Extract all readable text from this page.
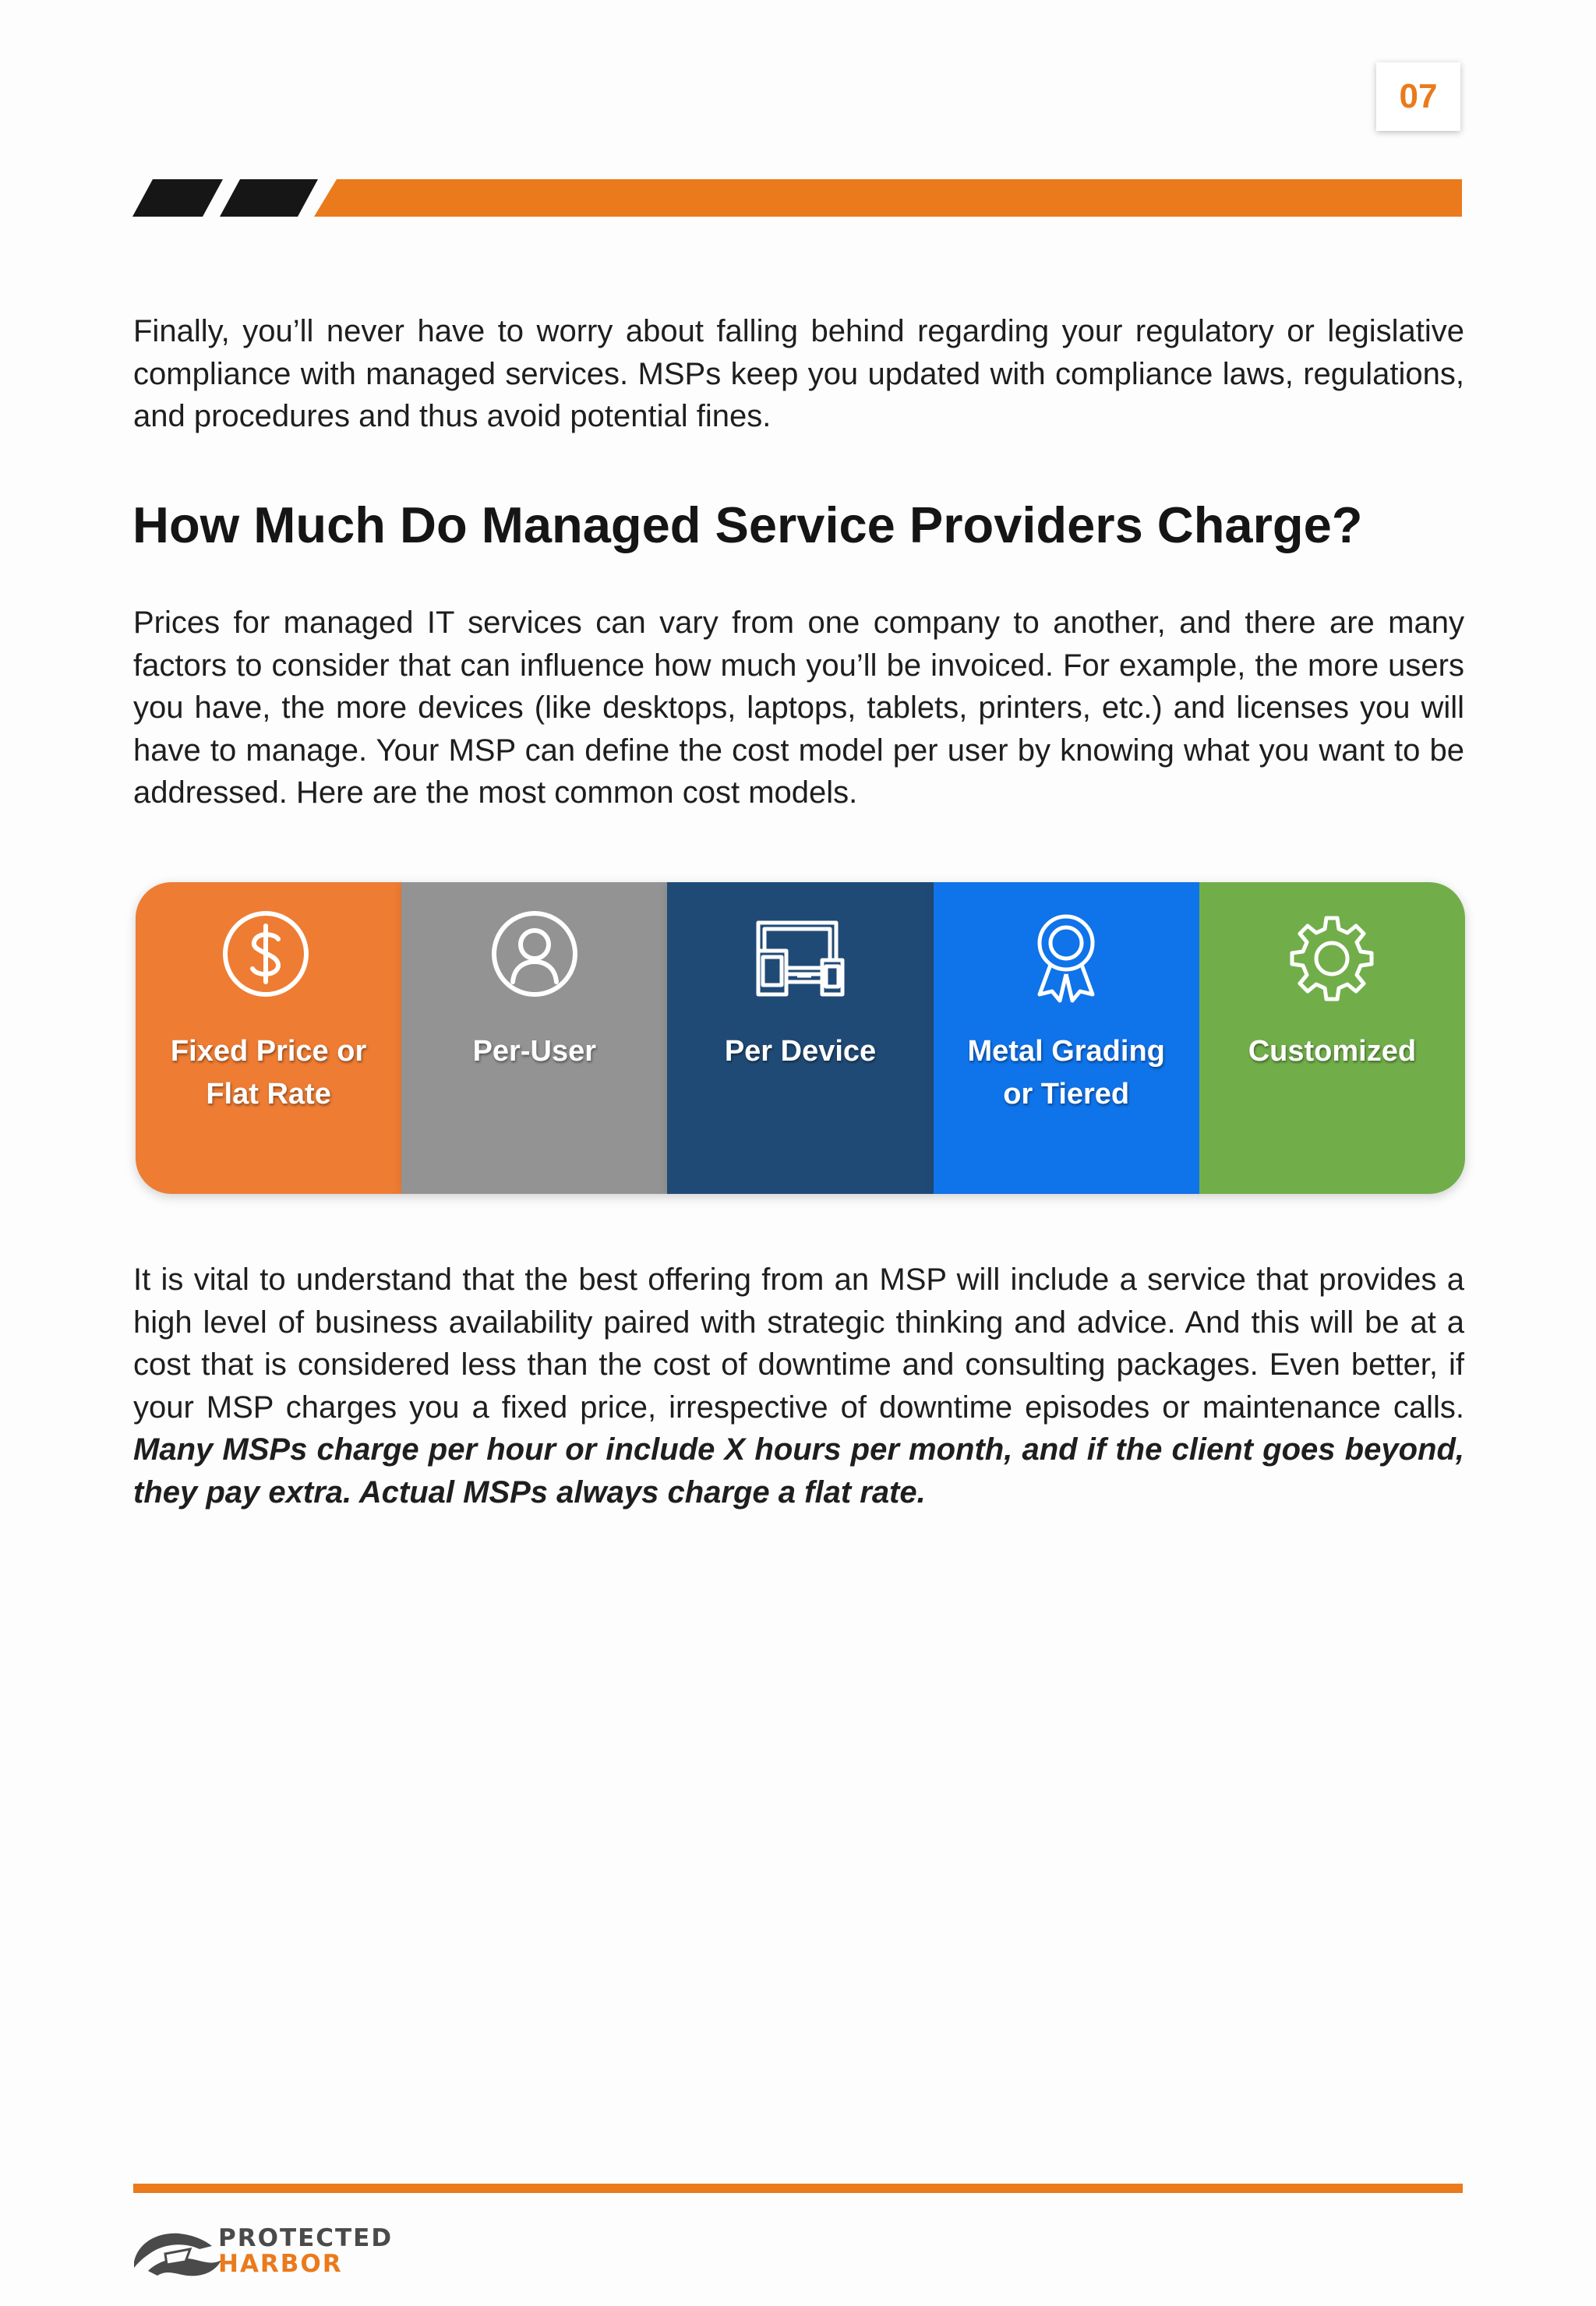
07

Finally, you’ll never have to worry about falling behind regarding your regulatory or legislative compliance with managed services. MSPs keep you updated with compliance laws, regulations, and procedures and thus avoid potential fines.

How Much Do Managed Service Providers Charge?

Prices for managed IT services can vary from one company to another, and there are many factors to consider that can influence how much you’ll be invoiced. For example, the more users you have, the more devices (like desktops, laptops, tablets, printers, etc.) and licenses you will have to manage. Your MSP can define the cost model per user by knowing what you want to be addressed. Here are the most common cost models.

Fixed Price or Flat Rate
Per-User	Per Device	Metal Grading or Tiered
Customized

It is vital to understand that the best offering from an MSP will include a service that provides a high level of business availability paired with strategic thinking and advice. And this will be at a cost that is considered less than the cost of downtime and consulting packages. Even better, if your MSP charges you a fixed price, irrespective of downtime episodes or maintenance calls. Many MSPs charge per hour or include X hours per month, and if the client goes beyond, they pay extra. Actual MSPs always charge a flat rate.

PROTECTED
HARBOR
